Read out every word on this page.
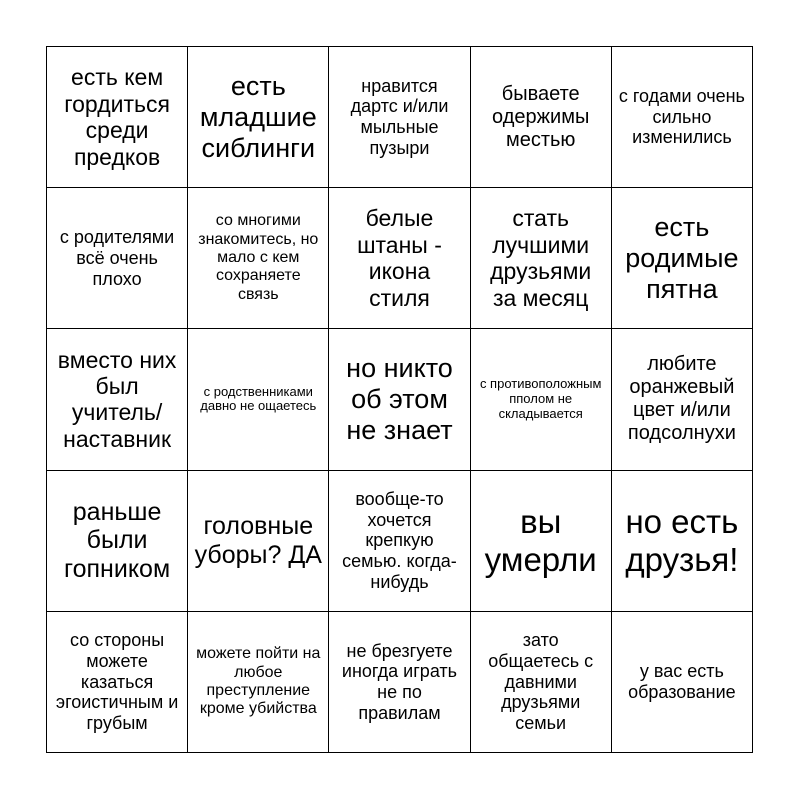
есть кем гордиться среди предков
есть младшие сиблинги
нравится дартс и/или мыльные пузыри
бываете одержимы местью
с годами очень сильно изменились
с родителями всё очень плохо
со многими знакомитесь, но мало с кем сохраняете связь
белые штаны - икона стиля
стать лучшими друзьями за месяц
есть родимые пятна
вместо них был учитель/ наставник
с родственниками давно не ощаетесь
но никто об этом не знает
с противоположным пполом не складывается
любите оранжевый цвет и/или подсолнухи
раньше были гопником
головные уборы? ДА
вообще-то хочется крепкую семью. когда-нибудь
вы умерли
но есть друзья!
со стороны можете казаться эгоистичным и грубым
можете пойти на любое преступление кроме убийства
не брезгуете иногда играть не по правилам
зато общаетесь с давними друзьями семьи
у вас есть образование
